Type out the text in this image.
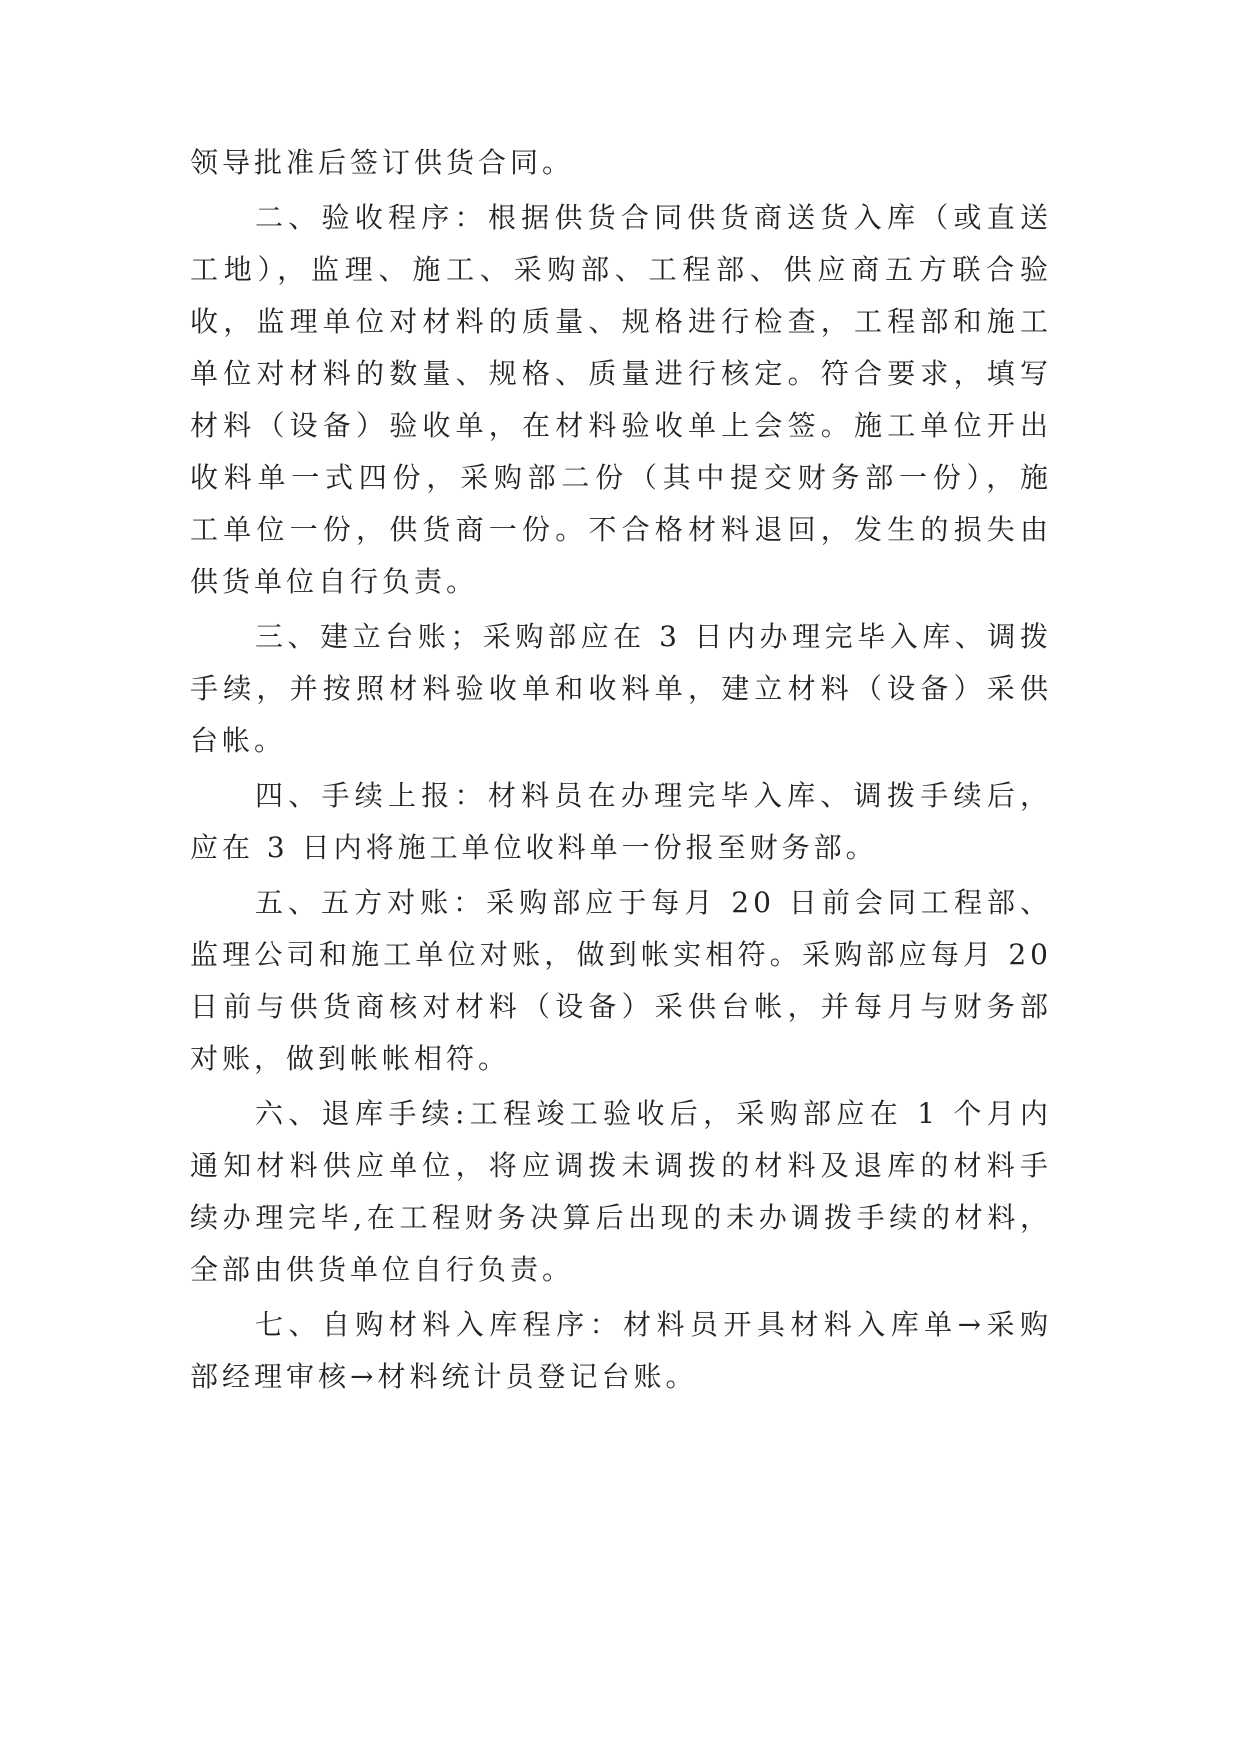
领导批准后签订供货合同。
二、验收程序：根据供货合同供货商送货入库（或直送
工地），监理、施工、采购部、工程部、供应商五方联合验
收，监理单位对材料的质量、规格进行检查，工程部和施工
单位对材料的数量、规格、质量进行核定。符合要求，填写
材料（设备）验收单，在材料验收单上会签。施工单位开出
收料单一式四份，采购部二份（其中提交财务部一份），施
工单位一份，供货商一份。不合格材料退回，发生的损失由
供货单位自行负责。
三、建立台账；采购部应在 3 日内办理完毕入库、调拨
手续，并按照材料验收单和收料单，建立材料（设备）采供
台帐。
四、手续上报：材料员在办理完毕入库、调拨手续后，
应在 3 日内将施工单位收料单一份报至财务部。
五、五方对账：采购部应于每月 20 日前会同工程部、
监理公司和施工单位对账，做到帐实相符。采购部应每月 20
日前与供货商核对材料（设备）采供台帐，并每月与财务部
对账，做到帐帐相符。
六、退库手续:工程竣工验收后，采购部应在 1 个月内
通知材料供应单位，将应调拨未调拨的材料及退库的材料手
续办理完毕,在工程财务决算后出现的未办调拨手续的材料，
全部由供货单位自行负责。
七、自购材料入库程序：材料员开具材料入库单→采购
部经理审核→材料统计员登记台账。
